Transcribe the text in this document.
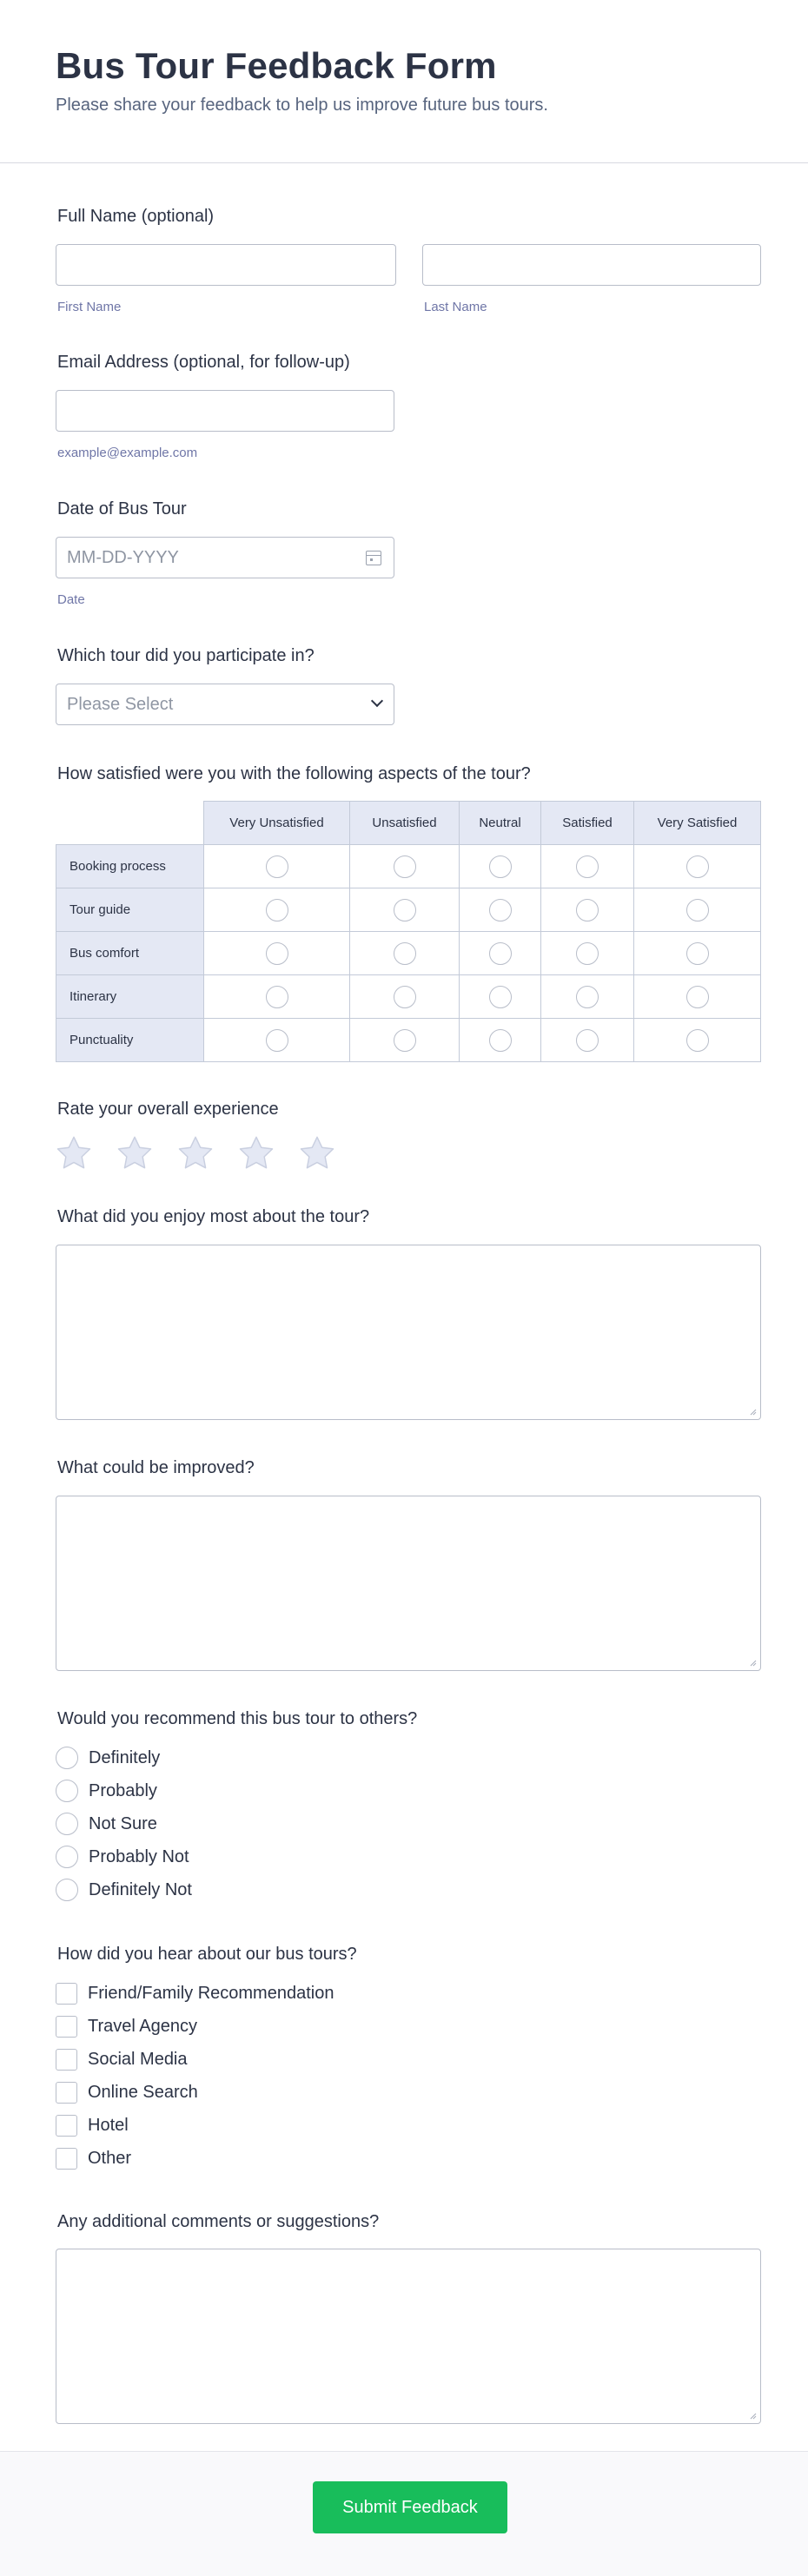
Bus Tour Feedback Form

Please share your feedback to help us improve future bus tours.

Full Name (optional)
First Name	Last Name
Email Address (optional, for follow-up)
example@example.com
Date of Bus Tour
MM-DD-YYYY
Date
Which tour did you participate in?
Please Select
How satisfied were you with the following aspects of the tour?
	Very Unsatisfied	Unsatisfied	Neutral	Satisfied	Very Satisfied
Booking process					
Tour guide					
Bus comfort					
Itinerary					
Punctuality					
Rate your overall experience
What did you enjoy most about the tour?
What could be improved?
Would you recommend this bus tour to others?
Definitely
Probably
Not Sure
Probably Not
Definitely Not
How did you hear about our bus tours?
Friend/Family Recommendation
Travel Agency
Social Media
Online Search
Hotel
Other
Any additional comments or suggestions?
Submit Feedback
